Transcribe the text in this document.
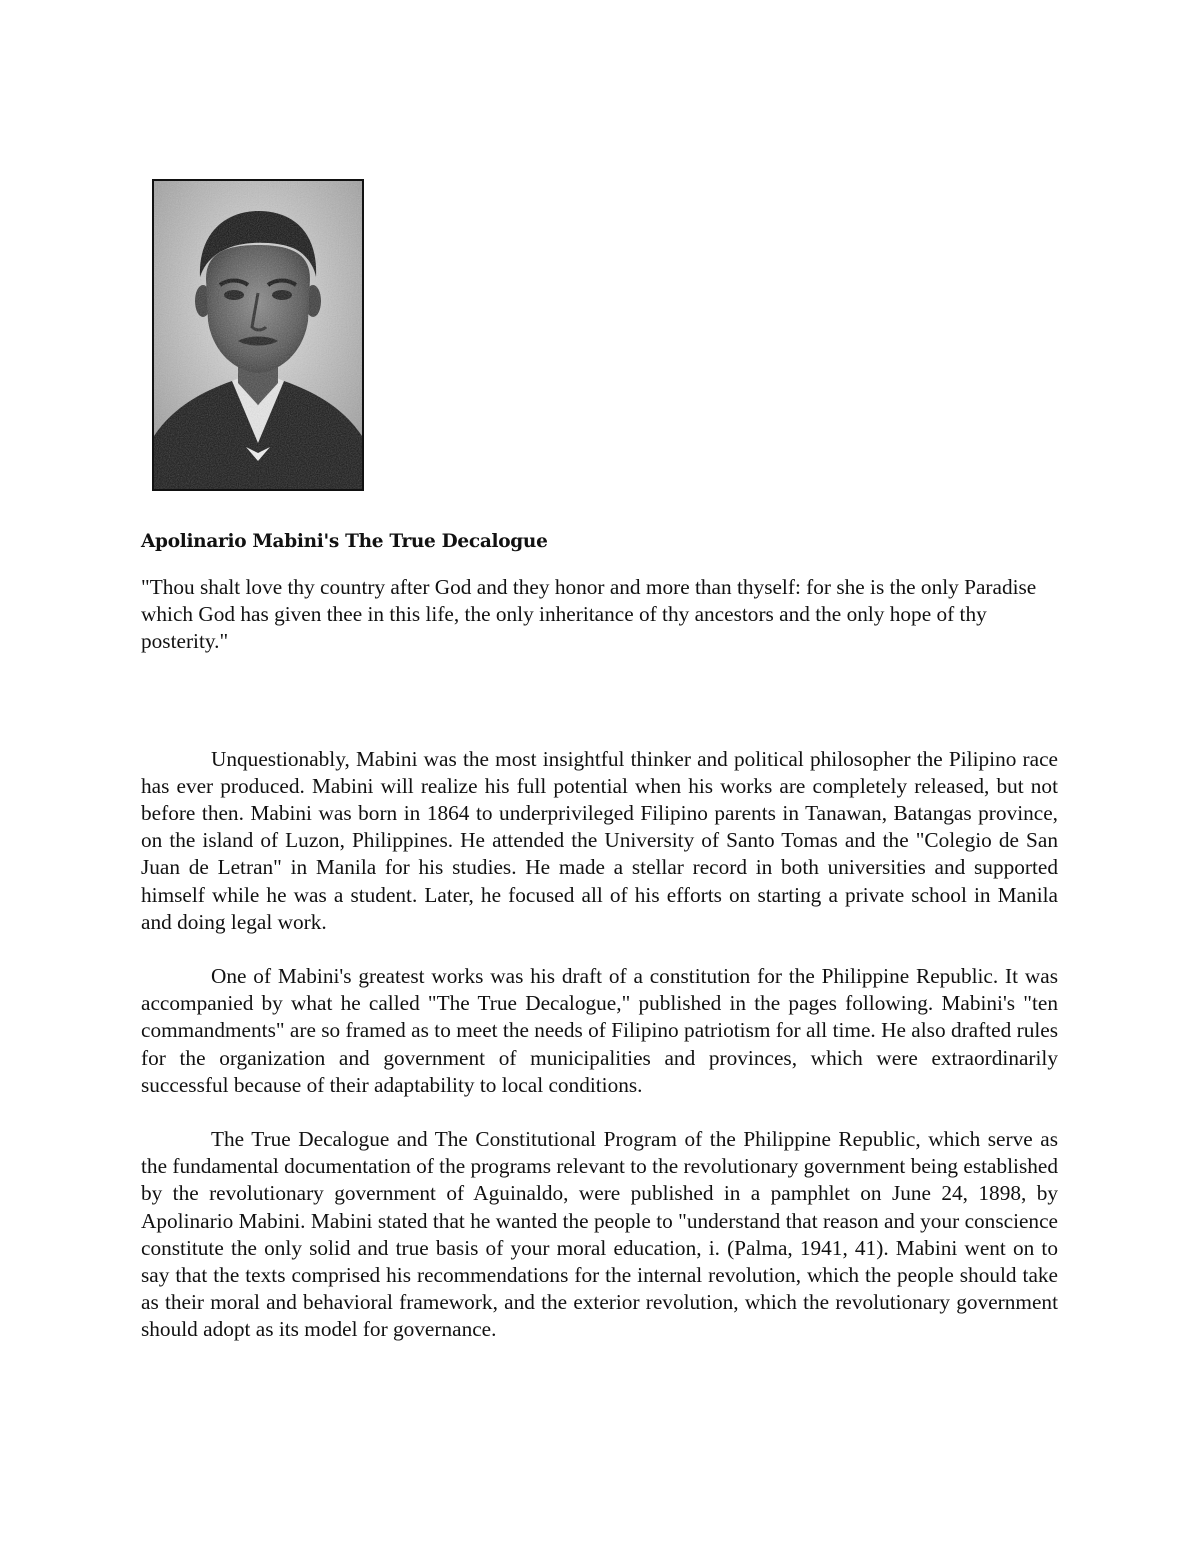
Apolinario Mabini's The True Decalogue

"Thou shalt love thy country after God and they honor and more than thyself: for she is the only Paradise which God has given thee in this life, the only inheritance of thy ancestors and the only hope of thy posterity."

Unquestionably, Mabini was the most insightful thinker and political philosopher the Pilipino race has ever produced. Mabini will realize his full potential when his works are completely released, but not before then. Mabini was born in 1864 to underprivileged Filipino parents in Tanawan, Batangas province, on the island of Luzon, Philippines. He attended the University of Santo Tomas and the "Colegio de San Juan de Letran" in Manila for his studies. He made a stellar record in both universities and supported himself while he was a student. Later, he focused all of his efforts on starting a private school in Manila and doing legal work.

One of Mabini's greatest works was his draft of a constitution for the Philippine Republic. It was accompanied by what he called "The True Decalogue," published in the pages following. Mabini's "ten commandments" are so framed as to meet the needs of Filipino patriotism for all time. He also drafted rules for the organization and government of municipalities and provinces, which were extraordinarily successful because of their adaptability to local conditions.

The True Decalogue and The Constitutional Program of the Philippine Republic, which serve as the fundamental documentation of the programs relevant to the revolutionary government being established by the revolutionary government of Aguinaldo, were published in a pamphlet on June 24, 1898, by Apolinario Mabini. Mabini stated that he wanted the people to "understand that reason and your conscience constitute the only solid and true basis of your moral education, i. (Palma, 1941, 41). Mabini went on to say that the texts comprised his recommendations for the internal revolution, which the people should take as their moral and behavioral framework, and the exterior revolution, which the revolutionary government should adopt as its model for governance.
